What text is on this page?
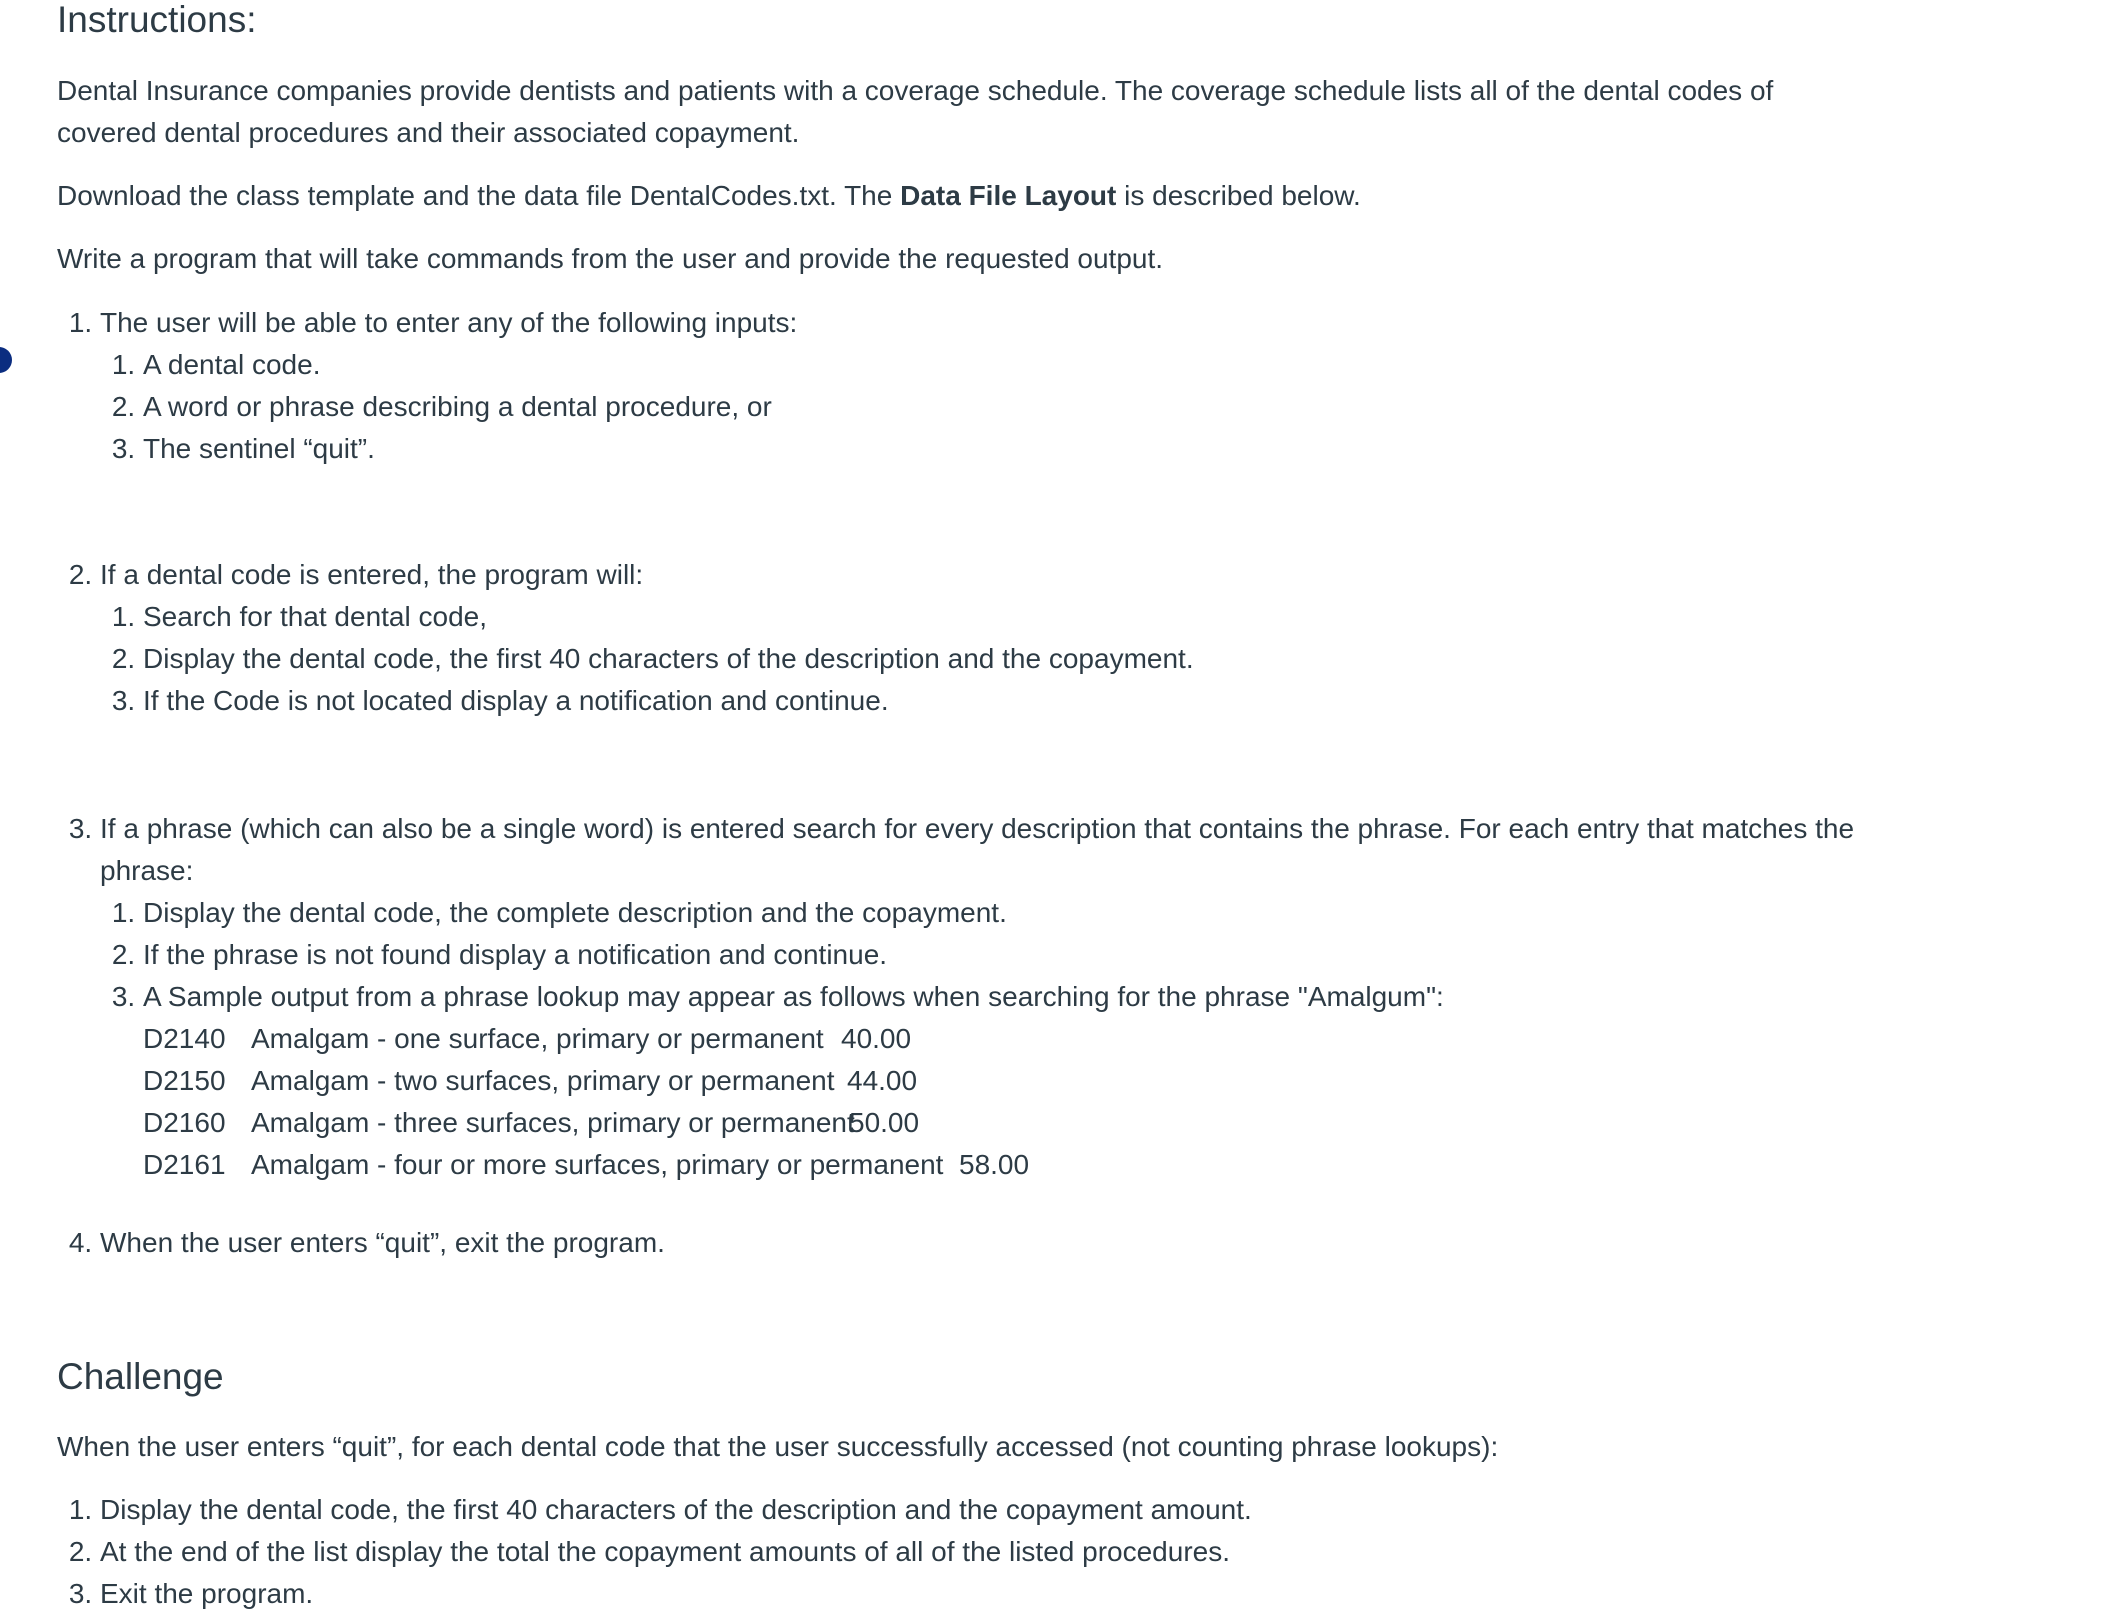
Instructions:

Dental Insurance companies provide dentists and patients with a coverage schedule. The coverage schedule lists all of the dental codes of covered dental procedures and their associated copayment.

Download the class template and the data file DentalCodes.txt. The Data File Layout is described below.

Write a program that will take commands from the user and provide the requested output.

1. The user will be able to enter any of the following inputs:
1. A dental code.
2. A word or phrase describing a dental procedure, or
3. The sentinel “quit”.
2. If a dental code is entered, the program will:
1. Search for that dental code,
2. Display the dental code, the first 40 characters of the description and the copayment.
3. If the Code is not located display a notification and continue.
3. If a phrase (which can also be a single word) is entered search for every description that contains the phrase. For each entry that matches the phrase:
1. Display the dental code, the complete description and the copayment.
2. If the phrase is not found display a notification and continue.
3. A Sample output from a phrase lookup may appear as follows when searching for the phrase "Amalgum":
D2140 Amalgam - one surface, primary or permanent 40.00
D2150 Amalgam - two surfaces, primary or permanent 44.00
D2160 Amalgam - three surfaces, primary or permanent50.00
D2161 Amalgam - four or more surfaces, primary or permanent 58.00
4. When the user enters “quit”, exit the program.
Challenge

When the user enters “quit”, for each dental code that the user successfully accessed (not counting phrase lookups):

1. Display the dental code, the first 40 characters of the description and the copayment amount.
2. At the end of the list display the total the copayment amounts of all of the listed procedures.
3. Exit the program.
